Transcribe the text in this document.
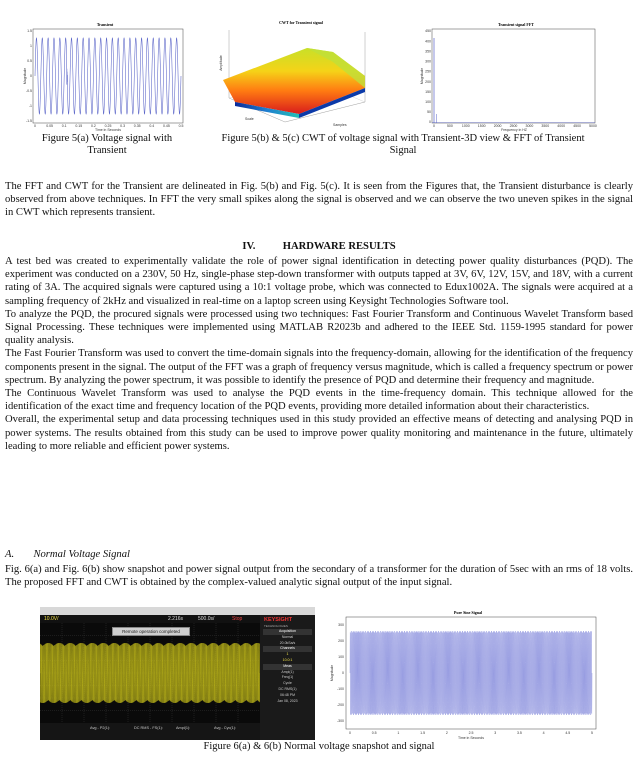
Transient
1.5
1
0.5
0
-0.5
-1
-1.5
0	0.05	0.1	0.15	0.2	0.25	0.3	0.35	0.4	0.45	0.5
Time in Seconds
Magnitude
CWT for Transient signal
Scale
Samples
Amplitude
Transient signal FFT
450
400
350
300
250
200
150
100
50
0
0	500	1000 1500 2000 2500 3000 3500 4000 4500 5000
Frequency in HZ
Magnitude
Figure 5(a) Voltage signal with Transient
Figure 5(b) & 5(c) CWT of voltage signal with Transient-3D view & FFT of Transient Signal

The FFT and CWT for the Transient are delineated in Fig. 5(b) and Fig. 5(c). It is seen from the Figures that, the Transient disturbance is clearly observed from above techniques. In FFT the very small spikes along the signal is observed and we can observe the two uneven spikes in the signal in CWT which represents transient.

IV.	HARDWARE RESULTS

A test bed was created to experimentally validate the role of power signal identification in detecting power quality disturbances (PQD). The experiment was conducted on a 230V, 50 Hz, single-phase step-down transformer with outputs tapped at 3V, 6V, 12V, 15V, and 18V, with a current rating of 3A. The acquired signals were captured using a 10:1 voltage probe, which was connected to Edux1002A. The signals were acquired at a sampling frequency of 2kHz and visualized in real-time on a laptop screen using Keysight Technologies Software tool.

To analyze the PQD, the procured signals were processed using two techniques: Fast Fourier Transform and Continuous Wavelet Transform based Signal Processing. These techniques were implemented using MATLAB R2023b and adhered to the IEEE Std. 1159-1995 standard for power quality analysis.

The Fast Fourier Transform was used to convert the time-domain signals into the frequency-domain, allowing for the identification of the frequency components present in the signal. The output of the FFT was a graph of frequency versus magnitude, which is called a frequency spectrum or power spectrum. By analyzing the power spectrum, it was possible to identify the presence of PQD and determine their frequency and magnitude.

The Continuous Wavelet Transform was used to analyse the PQD events in the time-frequency domain. This technique allowed for the identification of the exact time and frequency location of the PQD events, providing more detailed information about their characteristics.

Overall, the experimental setup and data processing techniques used in this study provided an effective means of detecting and analysing PQD in power systems. The results obtained from this study can be used to improve power quality monitoring and maintenance in the future, ultimately leading to more reliable and efficient power systems.

A. Normal Voltage Signal

Fig. 6(a) and Fig. 6(b) show snapshot and power signal output from the secondary of a transformer for the duration of 5sec with an rms of 18 volts. The proposed FFT and CWT is obtained by the complex-valued analytic signal output of the input signal.

10.0V/	2.216s	500.0s/	Stop
Remote operation completed
KEYSIGHT
TECHNOLOGIES
Acquisition
Normal
20.0kSa/s
Channels
1
10.0:1
Meas
Ampl(1)
Freq(1)
Cycle
DC RMS(1)
06:48 PM
Jan 08, 2023
Avg - P2(1):	DC RMS - FS(1):	Ampl(1):	Avg - Cyc(1):
Pure Sine Signal
300
200
100
0
-100
-200
-300
0	0.5	1	1.5	2	2.5	3	3.5	4	4.5	5
Time in Seconds
Magnitude
Figure 6(a) & 6(b) Normal voltage snapshot and signal
